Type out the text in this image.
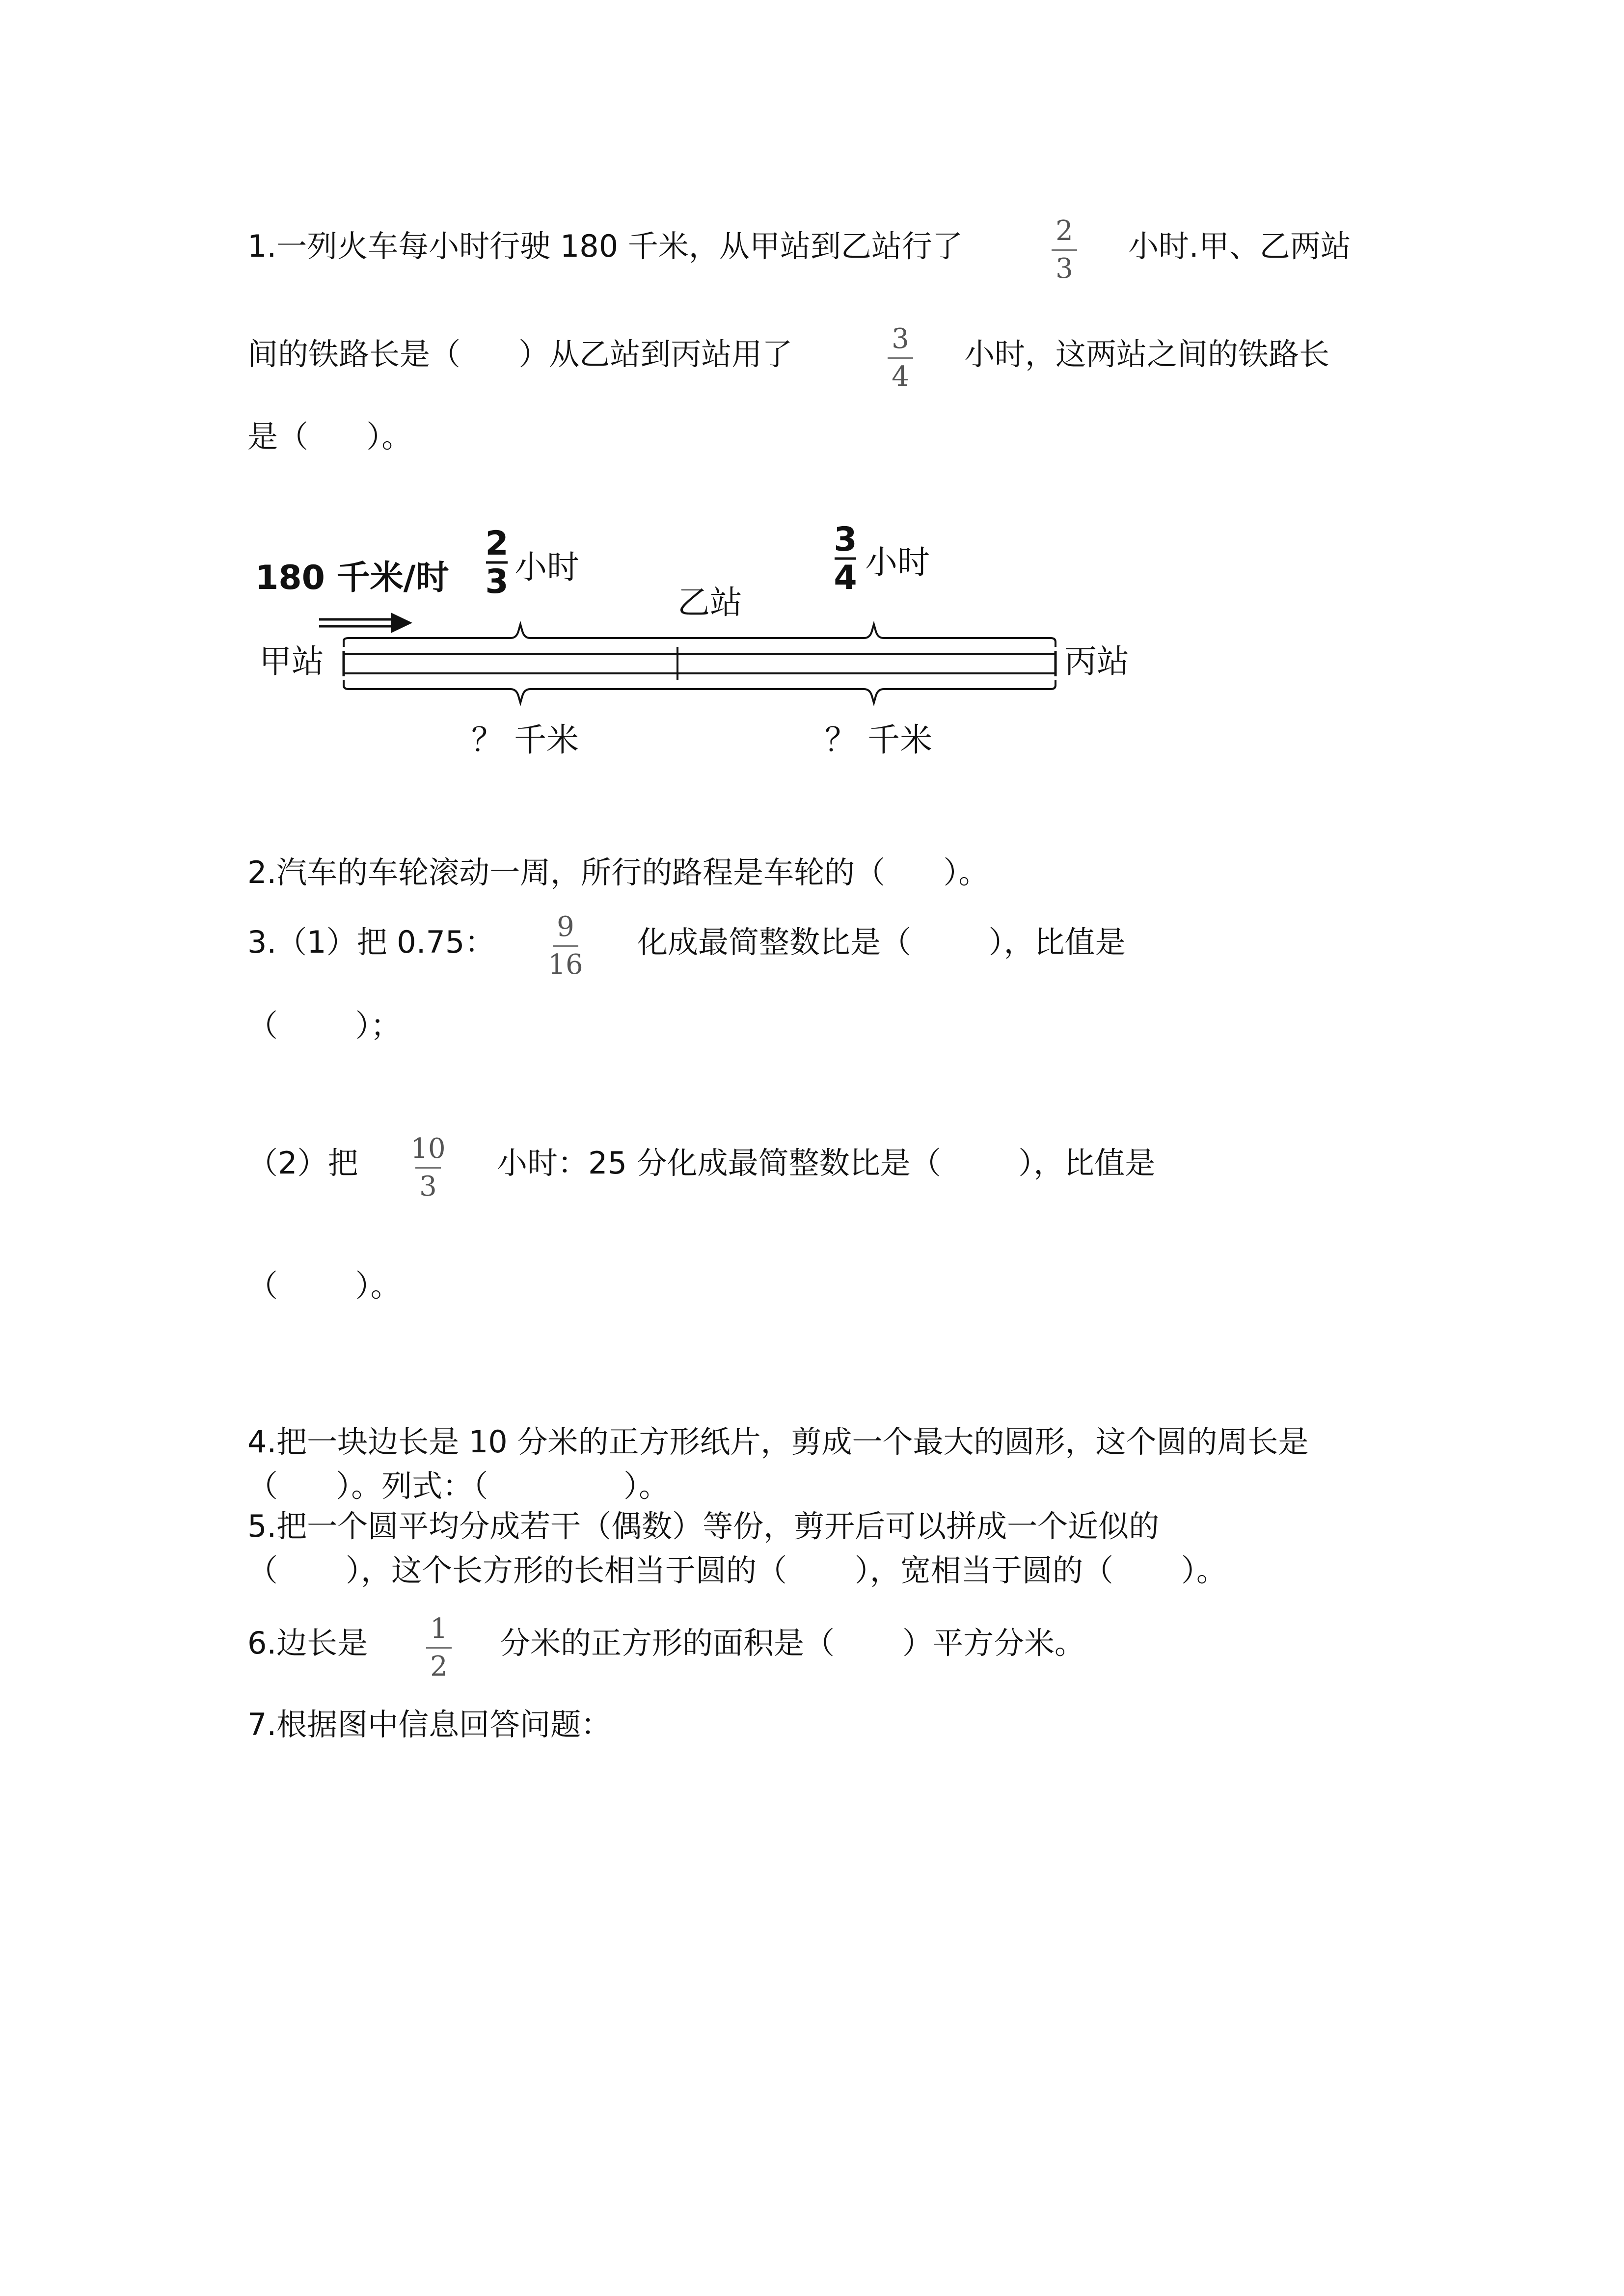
1.一列火车每小时行驶 180 千米，从甲站到乙站行了	2
3
小时.甲、乙两站
间的铁路长是（      ）从乙站到丙站用了	3
4
小时，这两站之间的铁路长
是（      ）。
180 千米/时
2
3 小时
乙站
3
4 小时
甲站	丙站
？ 千米	？ 千米
2.汽车的车轮滚动一周，所行的路程是车轮的（      ）。
3.（1）把 0.75：	9
16
化成最简整数比是（        ），比值是
（        ）；
（2）把 10
3
小时：25 分化成最简整数比是（        ），比值是
（        ）。
4.把一块边长是 10 分米的正方形纸片，剪成一个最大的圆形，这个圆的周长是
（      ）。列式：（              ）。
5.把一个圆平均分成若干（偶数）等份，剪开后可以拼成一个近似的
（       ），这个长方形的长相当于圆的（       ），宽相当于圆的（       ）。
6.边长是	1
2
分米的正方形的面积是（       ）平方分米。
7.根据图中信息回答问题：
